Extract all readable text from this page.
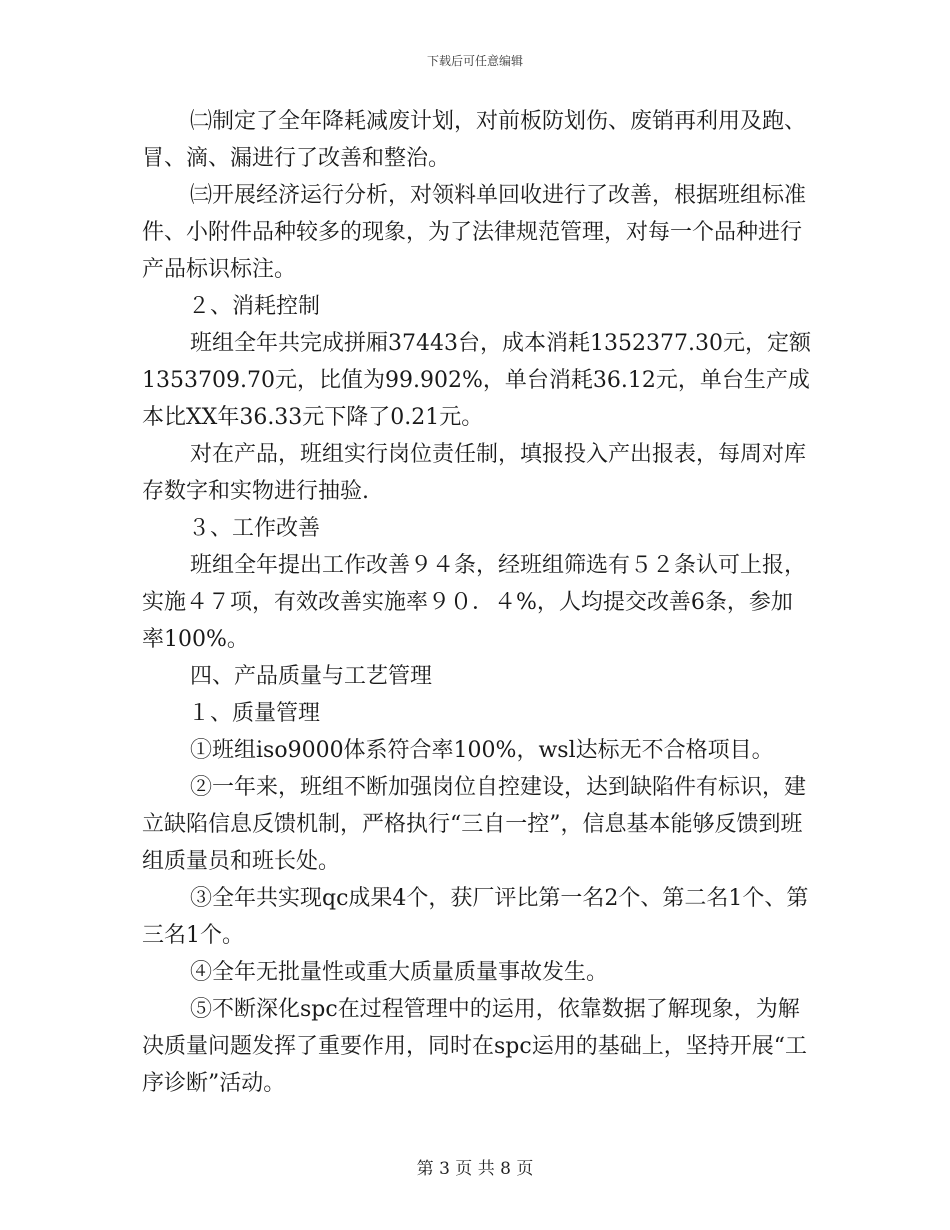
下载后可任意编辑

㈡制定了全年降耗减废计划，对前板防划伤、废销再利用及跑、冒、滴、漏进行了改善和整治。

㈢开展经济运行分析，对领料单回收进行了改善，根据班组标准件、小附件品种较多的现象，为了法律规范管理，对每一个品种进行产品标识标注。

２、消耗控制

班组全年共完成拼厢37443台，成本消耗1352377.30元，定额1353709.70元，比值为99.902%，单台消耗36.12元，单台生产成本比XX年36.33元下降了0.21元。

对在产品，班组实行岗位责任制，填报投入产出报表，每周对库存数字和实物进行抽验.

３、工作改善

班组全年提出工作改善９４条，经班组筛选有５２条认可上报，实施４７项，有效改善实施率９０．４%，人均提交改善6条，参加率100%。

四、产品质量与工艺管理

１、质量管理

①班组iso9000体系符合率100%，wsl达标无不合格项目。

②一年来，班组不断加强岗位自控建设，达到缺陷件有标识，建立缺陷信息反馈机制，严格执行“三自一控”，信息基本能够反馈到班组质量员和班长处。

③全年共实现qc成果4个，获厂评比第一名2个、第二名1个、第三名1个。

④全年无批量性或重大质量质量事故发生。

⑤不断深化spc在过程管理中的运用，依靠数据了解现象，为解决质量问题发挥了重要作用，同时在spc运用的基础上，坚持开展“工序诊断”活动。

第 3 页 共 8 页
